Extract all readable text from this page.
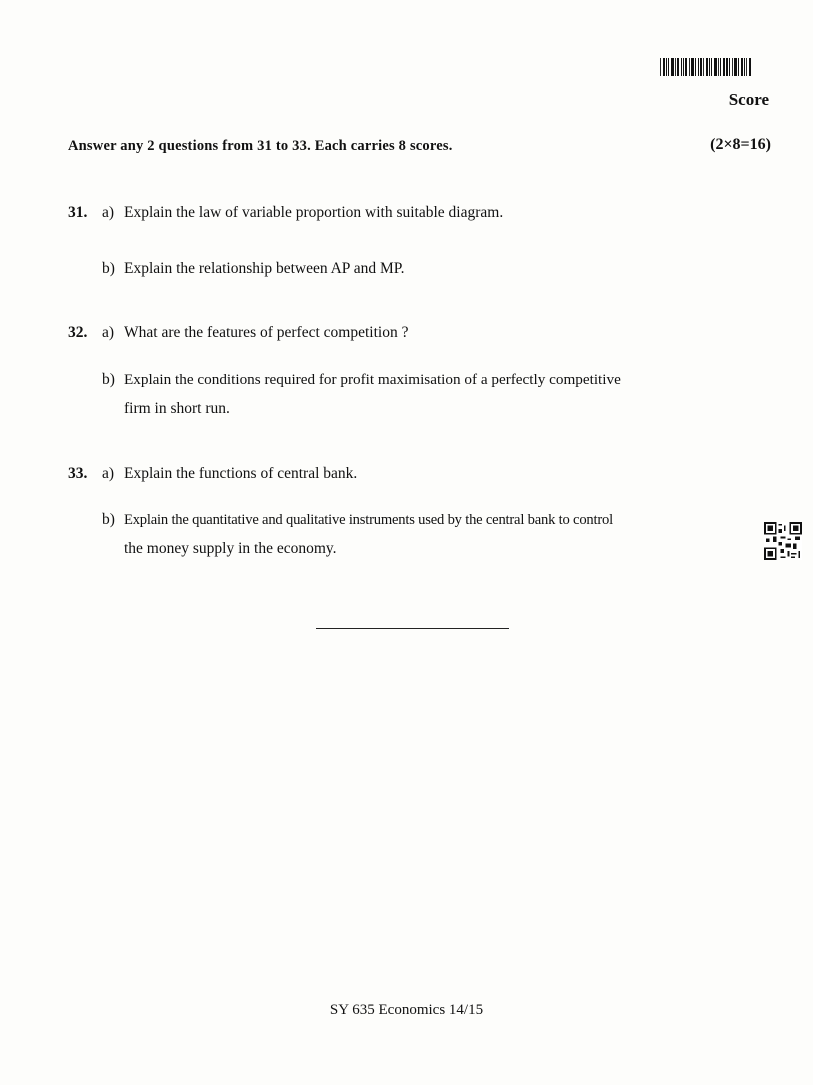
Score
Answer any 2 questions from 31 to 33. Each carries 8 scores.	(2×8=16)
31. a) Explain the law of variable proportion with suitable diagram.
b) Explain the relationship between AP and MP.
32. a) What are the features of perfect competition ?
b) Explain the conditions required for profit maximisation of a perfectly competitive
firm in short run.
33. a) Explain the functions of central bank.
b) Explain the quantitative and qualitative instruments used by the central bank to control
the money supply in the economy.
SY 635 Economics 14/15
